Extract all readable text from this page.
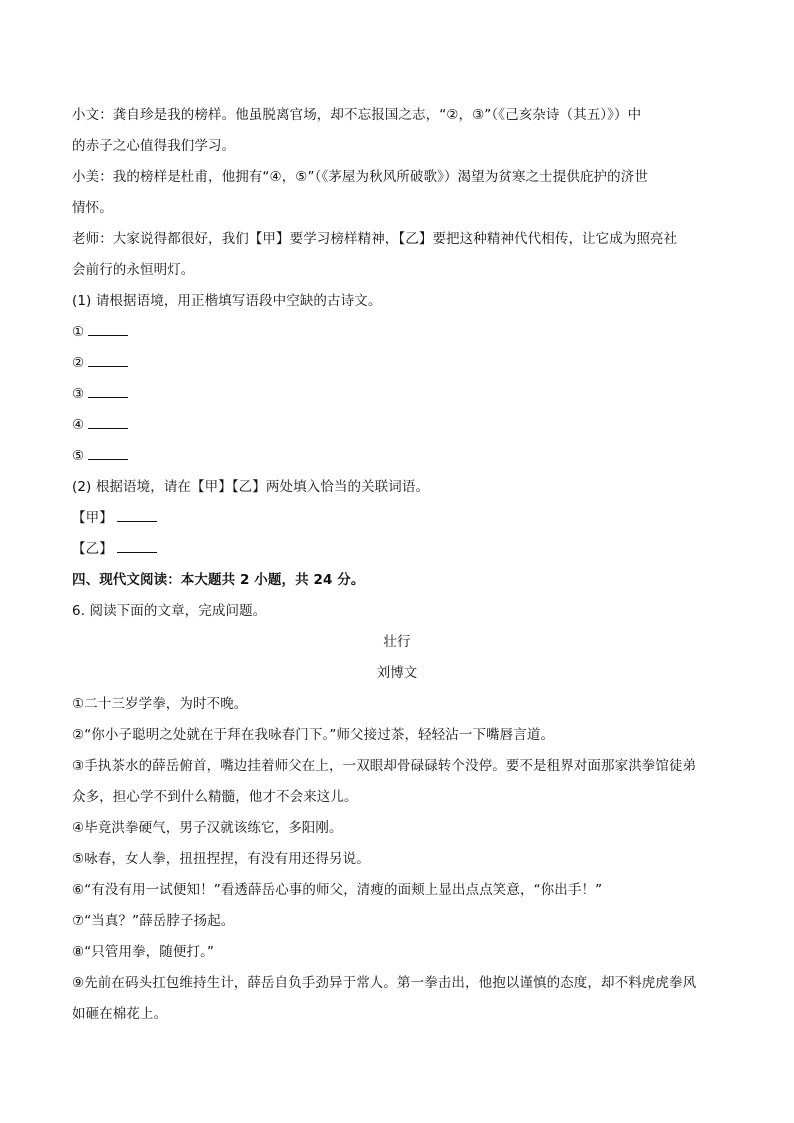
小文：龚自珍是我的榜样。他虽脱离官场，却不忘报国之志，“②，③”（《己亥杂诗（其五）》）中
的赤子之心值得我们学习。
小美：我的榜样是杜甫，他拥有“④，⑤”（《茅屋为秋风所破歌》）渴望为贫寒之士提供庇护的济世
情怀。
老师：大家说得都很好，我们【甲】要学习榜样精神，【乙】要把这种精神代代相传，让它成为照亮社
会前行的永恒明灯。
(1) 请根据语境，用正楷填写语段中空缺的古诗文。
①
②
③
④
⑤
(2) 根据语境，请在【甲】【乙】两处填入恰当的关联词语。
【甲】
【乙】
四、现代文阅读：本大题共 2 小题，共 24 分。
6. 阅读下面的文章，完成问题。
壮行
刘博文
①二十三岁学拳，为时不晚。
②“你小子聪明之处就在于拜在我咏春门下。”师父接过茶，轻轻沾一下嘴唇言道。
③手执茶水的薛岳俯首，嘴边挂着师父在上，一双眼却骨碌碌转个没停。要不是租界对面那家洪拳馆徒弟
众多，担心学不到什么精髓，他才不会来这儿。
④毕竟洪拳硬气，男子汉就该练它，多阳刚。
⑤咏春，女人拳，扭扭捏捏，有没有用还得另说。
⑥“有没有用一试便知！”看透薛岳心事的师父，清瘦的面颊上显出点点笑意，“你出手！”
⑦“当真？”薛岳脖子扬起。
⑧“只管用拳，随便打。”
⑨先前在码头扛包维持生计，薛岳自负手劲异于常人。第一拳击出，他抱以谨慎的态度，却不料虎虎拳风
如砸在棉花上。
